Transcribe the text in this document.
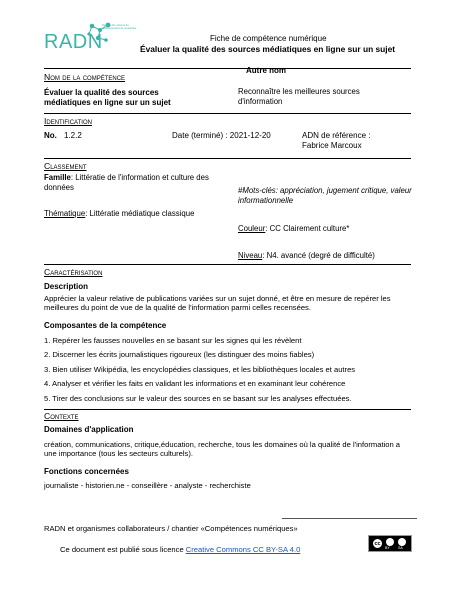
RADN
Réseau des acteurs du
développement du numérique
Fiche de compétence numérique
Évaluer la qualité des sources médiatiques en ligne sur un sujet
Nom de la compétence
Évaluer la qualité des sources médiatiques en ligne sur un sujet
Autre nom
Reconnaître les meilleures sources d'information
Identification
No. 1.2.2	Date (terminé) : 2021-12-20	ADN de référence :
Fabrice Marcoux
Classement
Famille: Littératie de l'information et culture des données
Thématique: Littératie médiatique classique
#Mots-clés: appréciation, jugement critique, valeur informationnelle
Couleur: CC Clairement culture*
Niveau: N4. avancé (degré de difficulté)
Caractérisation
Description
Apprécier la valeur relative de publications variées sur un sujet donné, et être en mesure de repérer les meilleures du point de vue de la qualité de l'information parmi celles recensées.
Composantes de la compétence
1. Repérer les fausses nouvelles en se basant sur les signes qui les révèlent
2. Discerner les écrits journalistiques rigoureux (les distinguer des moins fiables)
3. Bien utiliser Wikipédia, les encyclopédies classiques, et les bibliothèques locales et autres
4. Analyser et vérifier les faits en validant les informations et en examinant leur cohérence
5. Tirer des conclusions sur le valeur des sources en se basant sur les analyses effectuées.
Contexte
Domaines d'application
création, communications, critique,éducation, recherche, tous les domaines où la qualité de l'information a une importance (tous les secteurs culturels).
Fonctions concernées
journaliste - historien.ne - conseillère - analyste - recherchiste
RADN et organismes collaborateurs / chantier «Compétences numériques»
Ce document est publié sous licence Creative Commons CC BY-SA 4.0
cc
BY SA
